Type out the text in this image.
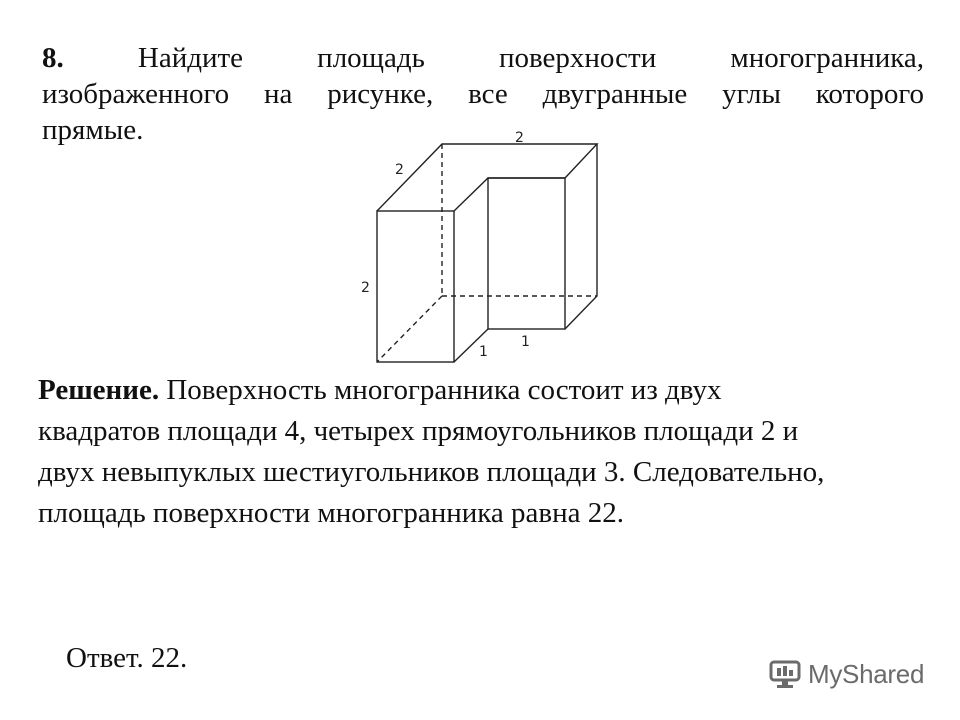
8.	Найдите площадь поверхности многогранника,
изображенного на рисунке, все двугранные углы которого
прямые.	2
2
2
1
1
Решение. Поверхность многогранника состоит из двух
квадратов площади 4, четырех прямоугольников площади 2 и
двух невыпуклых шестиугольников площади 3. Следовательно,
площадь поверхности многогранника равна 22.
Ответ. 22.	MyShared
